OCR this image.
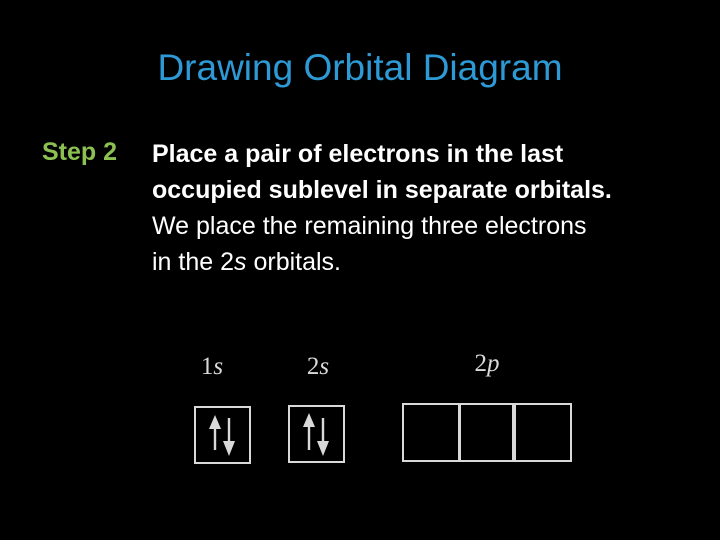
Drawing Orbital Diagram
Step 2 Place a pair of electrons in the last
occupied sublevel in separate orbitals.
We place the remaining three electrons
in the 2s orbitals.
1s	2s	2p
